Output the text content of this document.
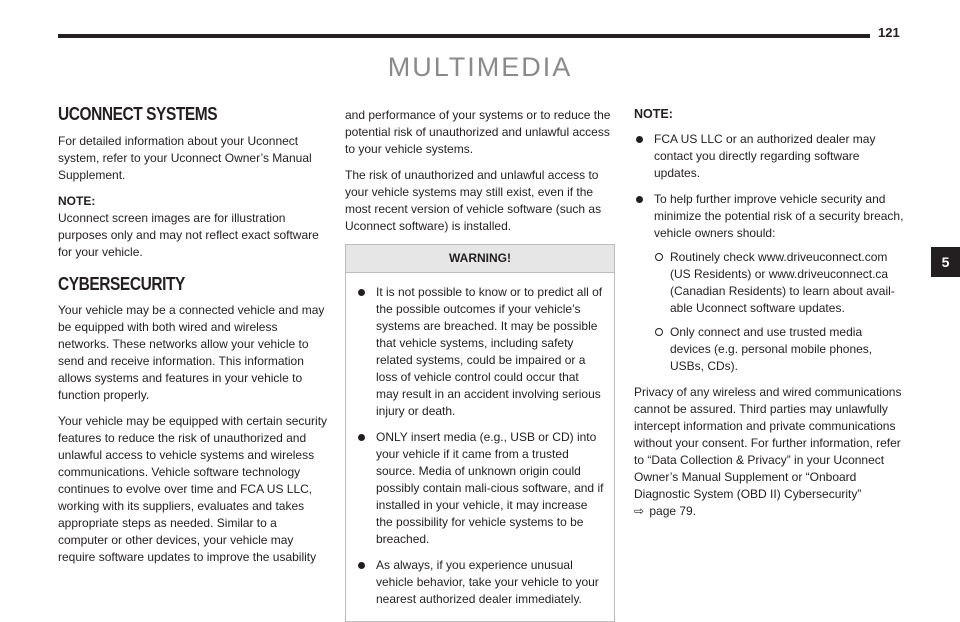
121
MULTIMEDIA
5
UCONNECT SYSTEMS

For detailed information about your Uconnect system, refer to your Uconnect Owner’s Manual Supplement.

NOTE:

Uconnect screen images are for illustration purposes only and may not reflect exact software for your vehicle.

CYBERSECURITY

Your vehicle may be a connected vehicle and may be equipped with both wired and wireless networks. These networks allow your vehicle to send and receive information. This information allows systems and features in your vehicle to function properly.

Your vehicle may be equipped with certain security features to reduce the risk of unauthorized and unlawful access to vehicle systems and wireless communications. Vehicle software technology continues to evolve over time and FCA US LLC, working with its suppliers, evaluates and takes appropriate steps as needed. Similar to a computer or other devices, your vehicle may require software updates to improve the usability

and performance of your systems or to reduce the potential risk of unauthorized and unlawful access to your vehicle systems.

The risk of unauthorized and unlawful access to your vehicle systems may still exist, even if the most recent version of vehicle software (such as Uconnect software) is installed.

WARNING!
It is not possible to know or to predict all of the possible outcomes if your vehicle’s systems are breached. It may be possible that vehicle systems, including safety related systems, could be impaired or a loss of vehicle control could occur that may result in an accident involving serious injury or death.
ONLY insert media (e.g., USB or CD) into your vehicle if it came from a trusted source. Media of unknown origin could possibly contain mali-cious software, and if installed in your vehicle, it may increase the possibility for vehicle systems to be breached.
As always, if you experience unusual vehicle behavior, take your vehicle to your nearest authorized dealer immediately.
NOTE:
FCA US LLC or an authorized dealer may contact you directly regarding software updates.
To help further improve vehicle security and minimize the potential risk of a security breach, vehicle owners should:
Routinely check www.driveuconnect.com (US Residents) or www.driveuconnect.ca (Canadian Residents) to learn about avail-able Uconnect software updates.
Only connect and use trusted media devices (e.g. personal mobile phones, USBs, CDs).

Privacy of any wireless and wired communications cannot be assured. Third parties may unlawfully intercept information and private communications without your consent. For further information, refer to “Data Collection & Privacy” in your Uconnect Owner’s Manual Supplement or “Onboard Diagnostic System (OBD II) Cybersecurity”
⇨ page 79.
